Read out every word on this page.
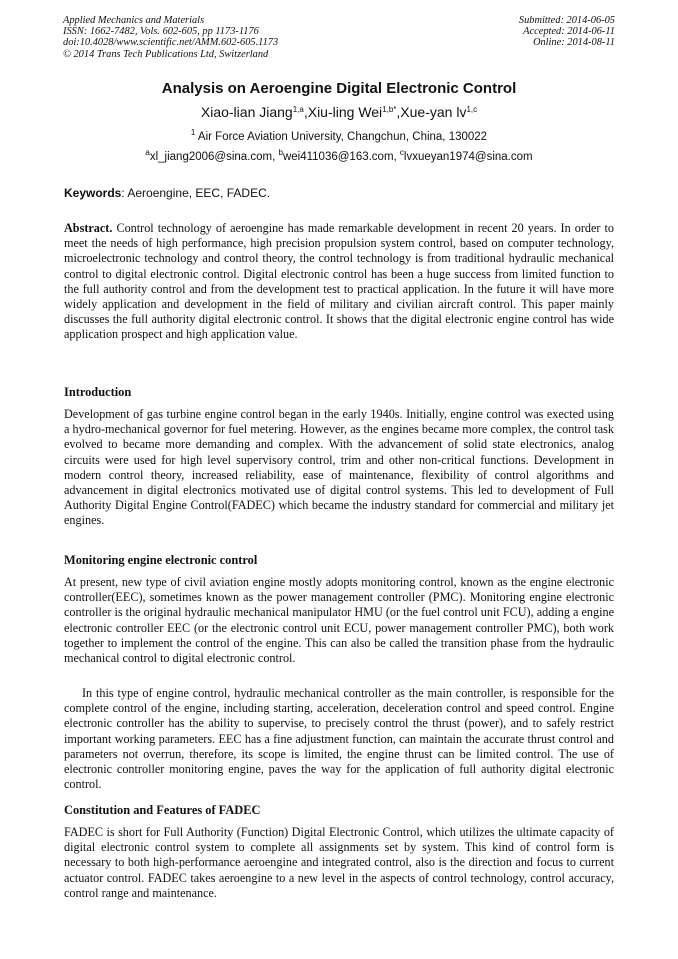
Applied Mechanics and Materials
ISSN: 1662-7482, Vols. 602-605, pp 1173-1176
doi:10.4028/www.scientific.net/AMM.602-605.1173
© 2014 Trans Tech Publications Ltd, Switzerland
Submitted: 2014-06-05
Accepted: 2014-06-11
Online: 2014-08-11
Analysis on Aeroengine Digital Electronic Control
Xiao-lian Jiang$^{1,a}$,Xiu-ling Wei$^{1,b*}$,Xue-yan lv$^{1,c}$
$^1$ Air Force Aviation University, Changchun, China, 130022
$^a$xl_jiang2006@sina.com, $^b$wei411036@163.com, $^c$lvxueyan1974@sina.com
Keywords: Aeroengine, EEC, FADEC.

Abstract. Control technology of aeroengine has made remarkable development in recent 20 years. In order to meet the needs of high performance, high precision propulsion system control, based on computer technology, microelectronic technology and control theory, the control technology is from traditional hydraulic mechanical control to digital electronic control. Digital electronic control has been a huge success from limited function to the full authority control and from the development test to practical application. In the future it will have more widely application and development in the field of military and civilian aircraft control. This paper mainly discusses the full authority digital electronic control. It shows that the digital electronic engine control has wide application prospect and high application value.

Introduction

Development of gas turbine engine control began in the early 1940s. Initially, engine control was exected using a hydro-mechanical governor for fuel metering. However, as the engines became more complex, the control task evolved to became more demanding and complex. With the advancement of solid state electronics, analog circuits were used for high level supervisory control, trim and other non-critical functions. Development in modern control theory, increased reliability, ease of maintenance, flexibility of control algorithms and advancement in digital electronics motivated use of digital control systems. This led to development of Full Authority Digital Engine Control(FADEC) which became the industry standard for commercial and military jet engines.

Monitoring engine electronic control

At present, new type of civil aviation engine mostly adopts monitoring control, known as the engine electronic controller(EEC), sometimes known as the power management controller (PMC). Monitoring engine electronic controller is the original hydraulic mechanical manipulator HMU (or the fuel control unit FCU), adding a engine electronic controller EEC (or the electronic control unit ECU, power management controller PMC), both work together to implement the control of the engine. This can also be called the transition phase from the hydraulic mechanical control to digital electronic control.

In this type of engine control, hydraulic mechanical controller as the main controller, is responsible for the complete control of the engine, including starting, acceleration, deceleration control and speed control. Engine electronic controller has the ability to supervise, to precisely control the thrust (power), and to safely restrict important working parameters. EEC has a fine adjustment function, can maintain the accurate thrust control and parameters not overrun, therefore, its scope is limited, the engine thrust can be limited control. The use of electronic controller monitoring engine, paves the way for the application of full authority digital electronic control.

Constitution and Features of FADEC

FADEC is short for Full Authority (Function) Digital Electronic Control, which utilizes the ultimate capacity of digital electronic control system to complete all assignments set by system. This kind of control form is necessary to both high-performance aeroengine and integrated control, also is the direction and focus to current actuator control. FADEC takes aeroengine to a new level in the aspects of control technology, control accuracy, control range and maintenance.
